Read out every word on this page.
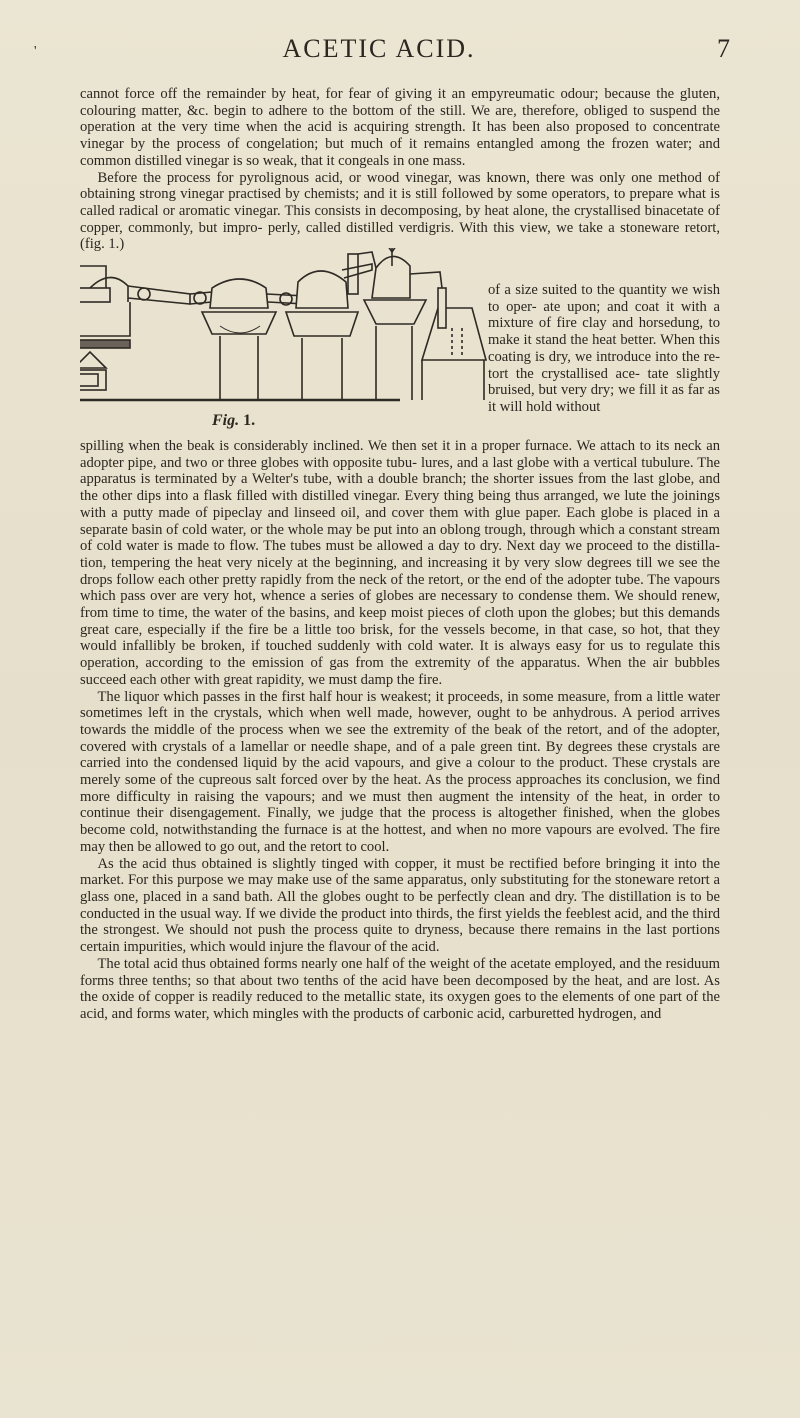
'	ACETIC ACID.	7

cannot force off the remainder by heat, for fear of giving it an empyreumatic odour; because the gluten, colouring matter, &c. begin to adhere to the bottom of the still. We are, therefore, obliged to suspend the operation at the very time when the acid is acquiring strength. It has been also proposed to concentrate vinegar by the process of congelation; but much of it remains entangled among the frozen water; and common distilled vinegar is so weak, that it congeals in one mass.

Before the process for pyrolignous acid, or wood vinegar, was known, there was only one method of obtaining strong vinegar practised by chemists; and it is still followed by some operators, to prepare what is called radical or aromatic vinegar. This consists in decomposing, by heat alone, the crystallised binacetate of copper, commonly, but impro- perly, called distilled verdigris. With this view, we take a stoneware retort, (fig. 1.)

Fig. 1.
of a size suited to the quantity we wish to oper- ate upon; and coat it with a mixture of fire clay and horsedung, to make it stand the heat better. When this coating is dry, we introduce into the re- tort the crystallised ace- tate slightly bruised, but very dry; we fill it as far as it will hold without

spilling when the beak is considerably inclined. We then set it in a proper furnace. We attach to its neck an adopter pipe, and two or three globes with opposite tubu- lures, and a last globe with a vertical tubulure. The apparatus is terminated by a Welter's tube, with a double branch; the shorter issues from the last globe, and the other dips into a flask filled with distilled vinegar. Every thing being thus arranged, we lute the joinings with a putty made of pipeclay and linseed oil, and cover them with glue paper. Each globe is placed in a separate basin of cold water, or the whole may be put into an oblong trough, through which a constant stream of cold water is made to flow. The tubes must be allowed a day to dry. Next day we proceed to the distilla- tion, tempering the heat very nicely at the beginning, and increasing it by very slow degrees till we see the drops follow each other pretty rapidly from the neck of the retort, or the end of the adopter tube. The vapours which pass over are very hot, whence a series of globes are necessary to condense them. We should renew, from time to time, the water of the basins, and keep moist pieces of cloth upon the globes; but this demands great care, especially if the fire be a little too brisk, for the vessels become, in that case, so hot, that they would infallibly be broken, if touched suddenly with cold water. It is always easy for us to regulate this operation, according to the emission of gas from the extremity of the apparatus. When the air bubbles succeed each other with great rapidity, we must damp the fire.

The liquor which passes in the first half hour is weakest; it proceeds, in some measure, from a little water sometimes left in the crystals, which when well made, however, ought to be anhydrous. A period arrives towards the middle of the process when we see the extremity of the beak of the retort, and of the adopter, covered with crystals of a lamellar or needle shape, and of a pale green tint. By degrees these crystals are carried into the condensed liquid by the acid vapours, and give a colour to the product. These crystals are merely some of the cupreous salt forced over by the heat. As the process approaches its conclusion, we find more difficulty in raising the vapours; and we must then augment the intensity of the heat, in order to continue their disengagement. Finally, we judge that the process is altogether finished, when the globes become cold, notwithstanding the furnace is at the hottest, and when no more vapours are evolved. The fire may then be allowed to go out, and the retort to cool.

As the acid thus obtained is slightly tinged with copper, it must be rectified before bringing it into the market. For this purpose we may make use of the same apparatus, only substituting for the stoneware retort a glass one, placed in a sand bath. All the globes ought to be perfectly clean and dry. The distillation is to be conducted in the usual way. If we divide the product into thirds, the first yields the feeblest acid, and the third the strongest. We should not push the process quite to dryness, because there remains in the last portions certain impurities, which would injure the flavour of the acid.

The total acid thus obtained forms nearly one half of the weight of the acetate employed, and the residuum forms three tenths; so that about two tenths of the acid have been decomposed by the heat, and are lost. As the oxide of copper is readily reduced to the metallic state, its oxygen goes to the elements of one part of the acid, and forms water, which mingles with the products of carbonic acid, carburetted hydrogen, and
